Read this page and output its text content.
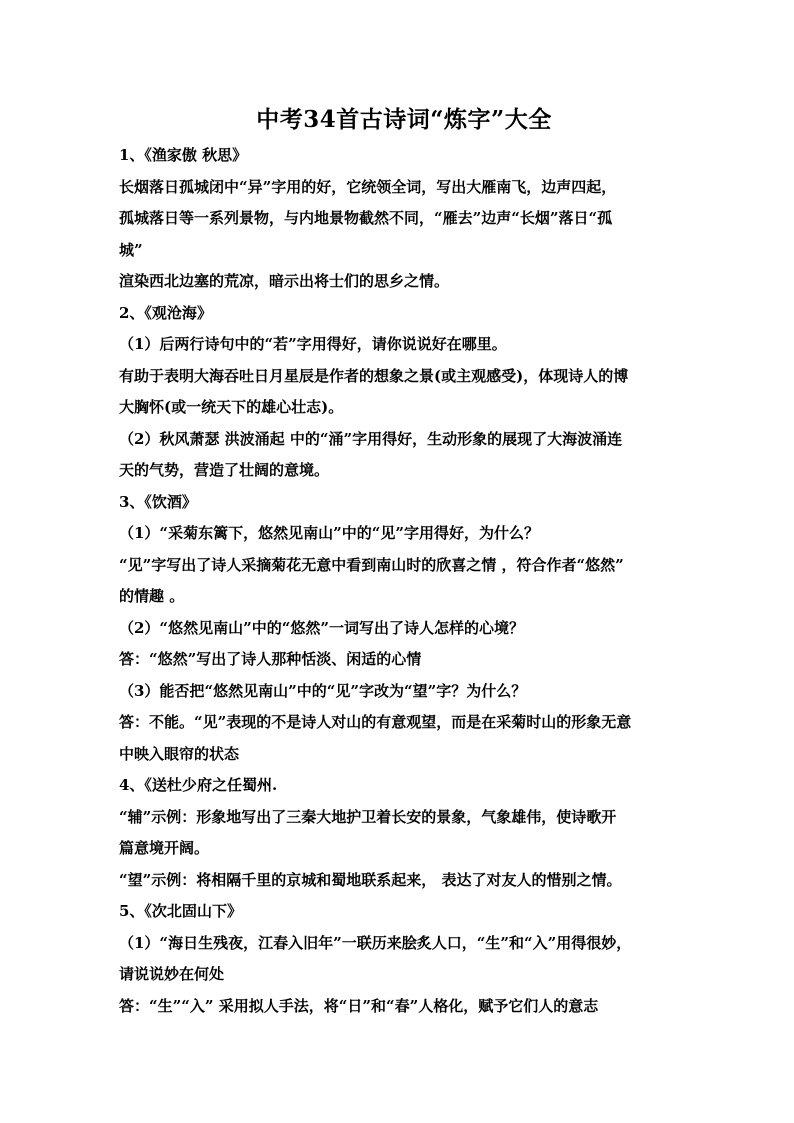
中考34首古诗词“炼字”大全
1、《渔家傲 秋思》
长烟落日孤城闭中“异”字用的好，它统领全词，写出大雁南飞，边声四起，
孤城落日等一系列景物，与内地景物截然不同，“雁去”边声“长烟”落日“孤
城”
渲染西北边塞的荒凉，暗示出将士们的思乡之情。
2、《观沧海》
（1）后两行诗句中的“若”字用得好，请你说说好在哪里。
有助于表明大海吞吐日月星辰是作者的想象之景(或主观感受)，体现诗人的博
大胸怀(或一统天下的雄心壮志)。
（2）秋风萧瑟 洪波涌起 中的“涌”字用得好，生动形象的展现了大海波涌连
天的气势，营造了壮阔的意境。
3、《饮酒》
（1）“采菊东篱下，悠然见南山”中的“见”字用得好，为什么？
“见”字写出了诗人采摘菊花无意中看到南山时的欣喜之情 ，符合作者“悠然”
的情趣 。
（2）“悠然见南山”中的“悠然”一词写出了诗人怎样的心境？
答：“悠然”写出了诗人那种恬淡、闲适的心情
（3）能否把“悠然见南山”中的“见”字改为“望”字？为什么？
答：不能。“见”表现的不是诗人对山的有意观望，而是在采菊时山的形象无意
中映入眼帘的状态
4、《送杜少府之任蜀州.
“辅”示例：形象地写出了三秦大地护卫着长安的景象，气象雄伟，使诗歌开
篇意境开阔。
“望”示例：将相隔千里的京城和蜀地联系起来， 表达了对友人的惜别之情。
5、《次北固山下》
（1）“海日生残夜，江春入旧年”一联历来脍炙人口，“生”和“入”用得很妙，
请说说妙在何处
答：“生”“入” 采用拟人手法，将“日”和“春”人格化，赋予它们人的意志
